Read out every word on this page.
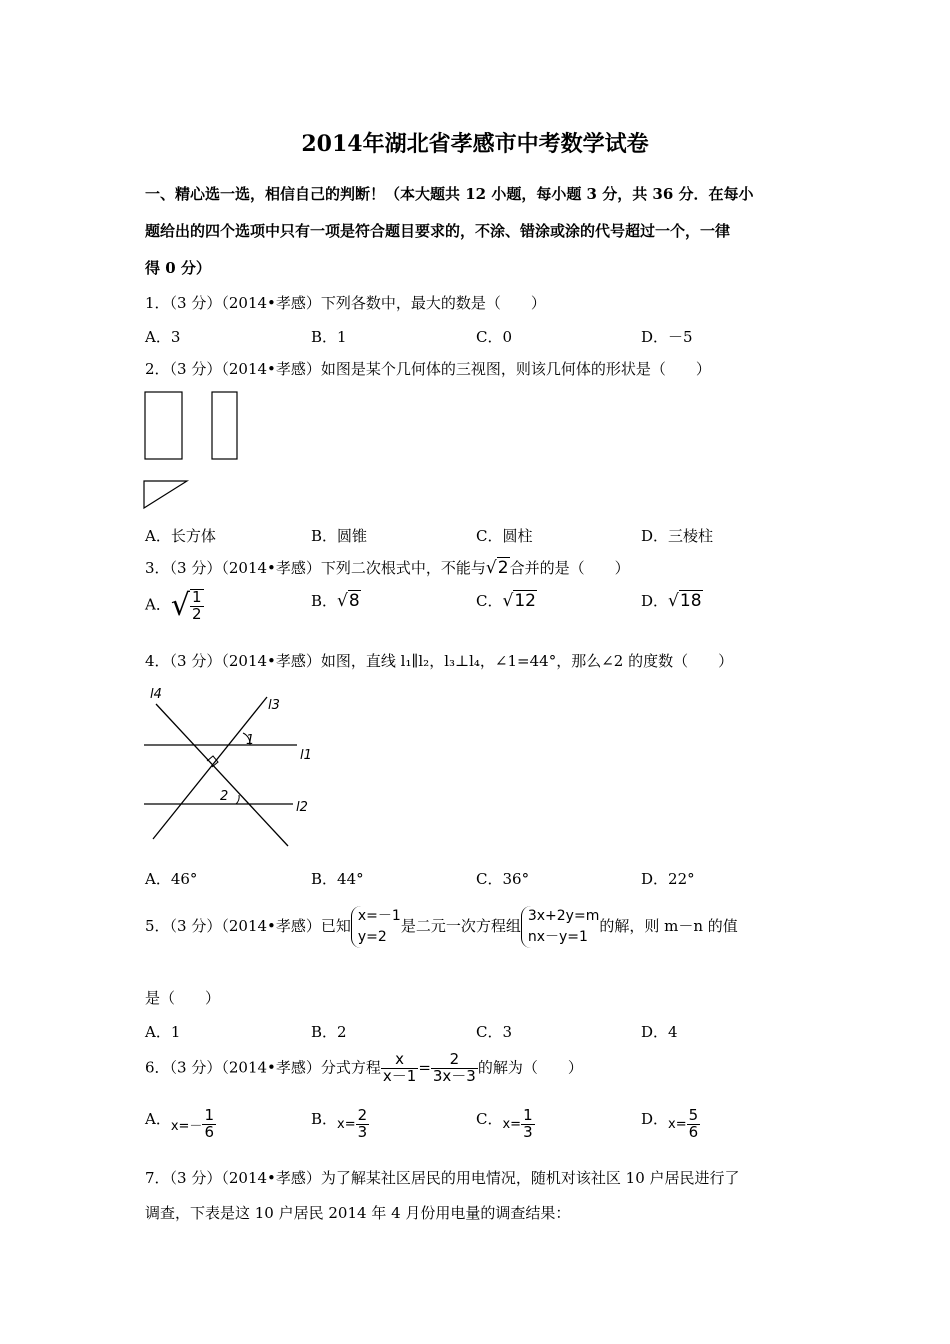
2014年湖北省孝感市中考数学试卷
一、精心选一选，相信自己的判断！（本大题共 12 小题，每小题 3 分，共 36 分．在每小
题给出的四个选项中只有一项是符合题目要求的，不涂、错涂或涂的代号超过一个，一律
得 0 分）
1．（3 分）（2014•孝感）下列各数中，最大的数是（　　）
A．3	B．1	C．0	D．－5
2．（3 分）（2014•孝感）如图是某个几何体的三视图，则该几何体的形状是（　　）
A．长方体	B．圆锥	C．圆柱	D．三棱柱
3．（3 分）（2014•孝感）下列二次根式中，不能与√2合并的是（　　）
A．√ $\frac{1}{2}$	B．√8	C．√12	D．√18
4．（3 分）（2014•孝感）如图，直线 l₁∥l₂，l₃⊥l₄，∠1=44°，那么∠2 的度数（　　）
l4
l3
l1
l2
1
2
A．46°	B．44°	C．36°	D．22°
5．（3 分）（2014•孝感）已知x=－1
y=2是二元一次方程组3x+2y=m
nx－y=1的解，则 m－n 的值
是（　　）
A．1	B．2	C．3	D．4
6．（3 分）（2014•孝感）分式方程 $\frac{x}{x-1} = \frac{2}{3x-3}$ 的解为（　　）
A．$x=- \frac{1}{6}$	B．$x= \frac{2}{3}$	C．$x= \frac{1}{3}$	D．$x= \frac{5}{6}$
7．（3 分）（2014•孝感）为了解某社区居民的用电情况，随机对该社区 10 户居民进行了
调查，下表是这 10 户居民 2014 年 4 月份用电量的调查结果：
